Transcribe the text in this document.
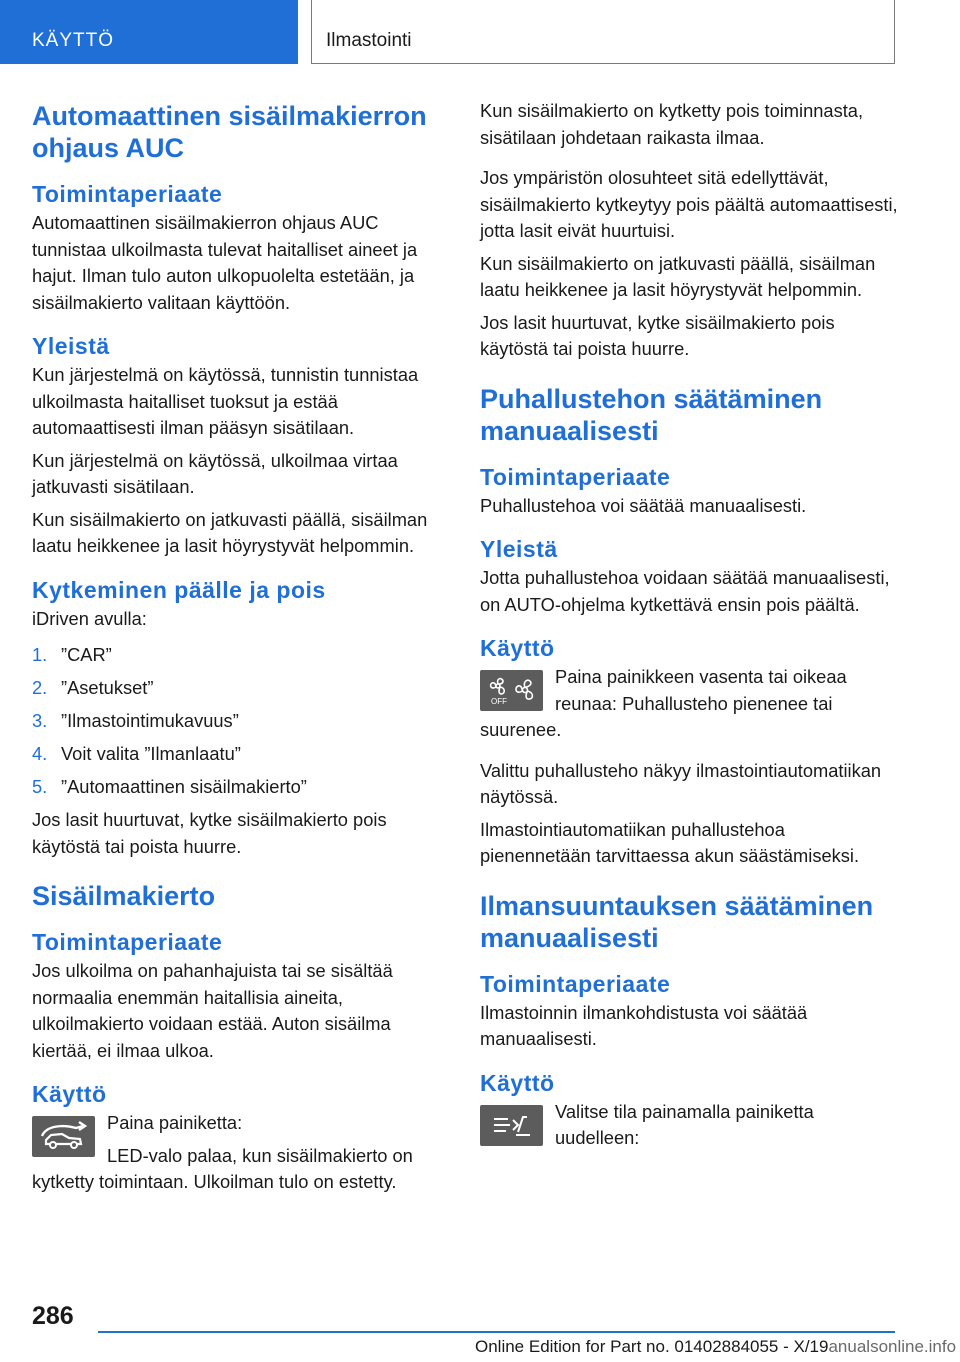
KÄYTTÖ	Ilmastointi
Automaattinen sisäilmakierron ohjaus AUC
Toimintaperiaate

Automaattinen sisäilmakierron ohjaus AUC tunnistaa ulkoilmasta tulevat haitalliset aineet ja hajut. Ilman tulo auton ulkopuolelta estetään, ja sisäilmakierto valitaan käyttöön.

Yleistä

Kun järjestelmä on käytössä, tunnistin tunnistaa ulkoilmasta haitalliset tuoksut ja estää automaattisesti ilman pääsyn sisätilaan.

Kun järjestelmä on käytössä, ulkoilmaa virtaa jatkuvasti sisätilaan.

Kun sisäilmakierto on jatkuvasti päällä, sisäilman laatu heikkenee ja lasit höyrystyvät helpommin.

Kytkeminen päälle ja pois

iDriven avulla:

1. ”CAR”
2. ”Asetukset”
3. ”Ilmastointimukavuus”
4. Voit valita ”Ilmanlaatu”
5. ”Automaattinen sisäilmakierto”

Jos lasit huurtuvat, kytke sisäilmakierto pois käytöstä tai poista huurre.

Sisäilmakierto
Toimintaperiaate

Jos ulkoilma on pahanhajuista tai se sisältää normaalia enemmän haitallisia aineita, ulkoilmakierto voidaan estää. Auton sisäilma kiertää, ei ilmaa ulkoa.

Käyttö

Paina painiketta:

LED-valo palaa, kun sisäilmakierto on kytketty toimintaan. Ulkoilman tulo on estetty.

Kun sisäilmakierto on kytketty pois toiminnasta, sisätilaan johdetaan raikasta ilmaa.

Jos ympäristön olosuhteet sitä edellyttävät, sisäilmakierto kytkeytyy pois päältä automaattisesti, jotta lasit eivät huurtuisi.

Kun sisäilmakierto on jatkuvasti päällä, sisäilman laatu heikkenee ja lasit höyrystyvät helpommin.

Jos lasit huurtuvat, kytke sisäilmakierto pois käytöstä tai poista huurre.

Puhallustehon säätäminen manuaalisesti
Toimintaperiaate

Puhallustehoa voi säätää manuaalisesti.

Yleistä

Jotta puhallustehoa voidaan säätää manuaalisesti, on AUTO-ohjelma kytkettävä ensin pois päältä.

Käyttö
OFF

Paina painikkeen vasenta tai oikeaa reunaa: Puhallusteho pienenee tai suurenee.

Valittu puhallusteho näkyy ilmastointiautomatiikan näytössä.

Ilmastointiautomatiikan puhallustehoa pienennetään tarvittaessa akun säästämiseksi.

Ilmansuuntauksen säätäminen manuaalisesti
Toimintaperiaate

Ilmastoinnin ilmankohdistusta voi säätää manuaalisesti.

Käyttö

Valitse tila painamalla painiketta uudelleen:

286
Online Edition for Part no. 01402884055 - X/19anualsonline.info
